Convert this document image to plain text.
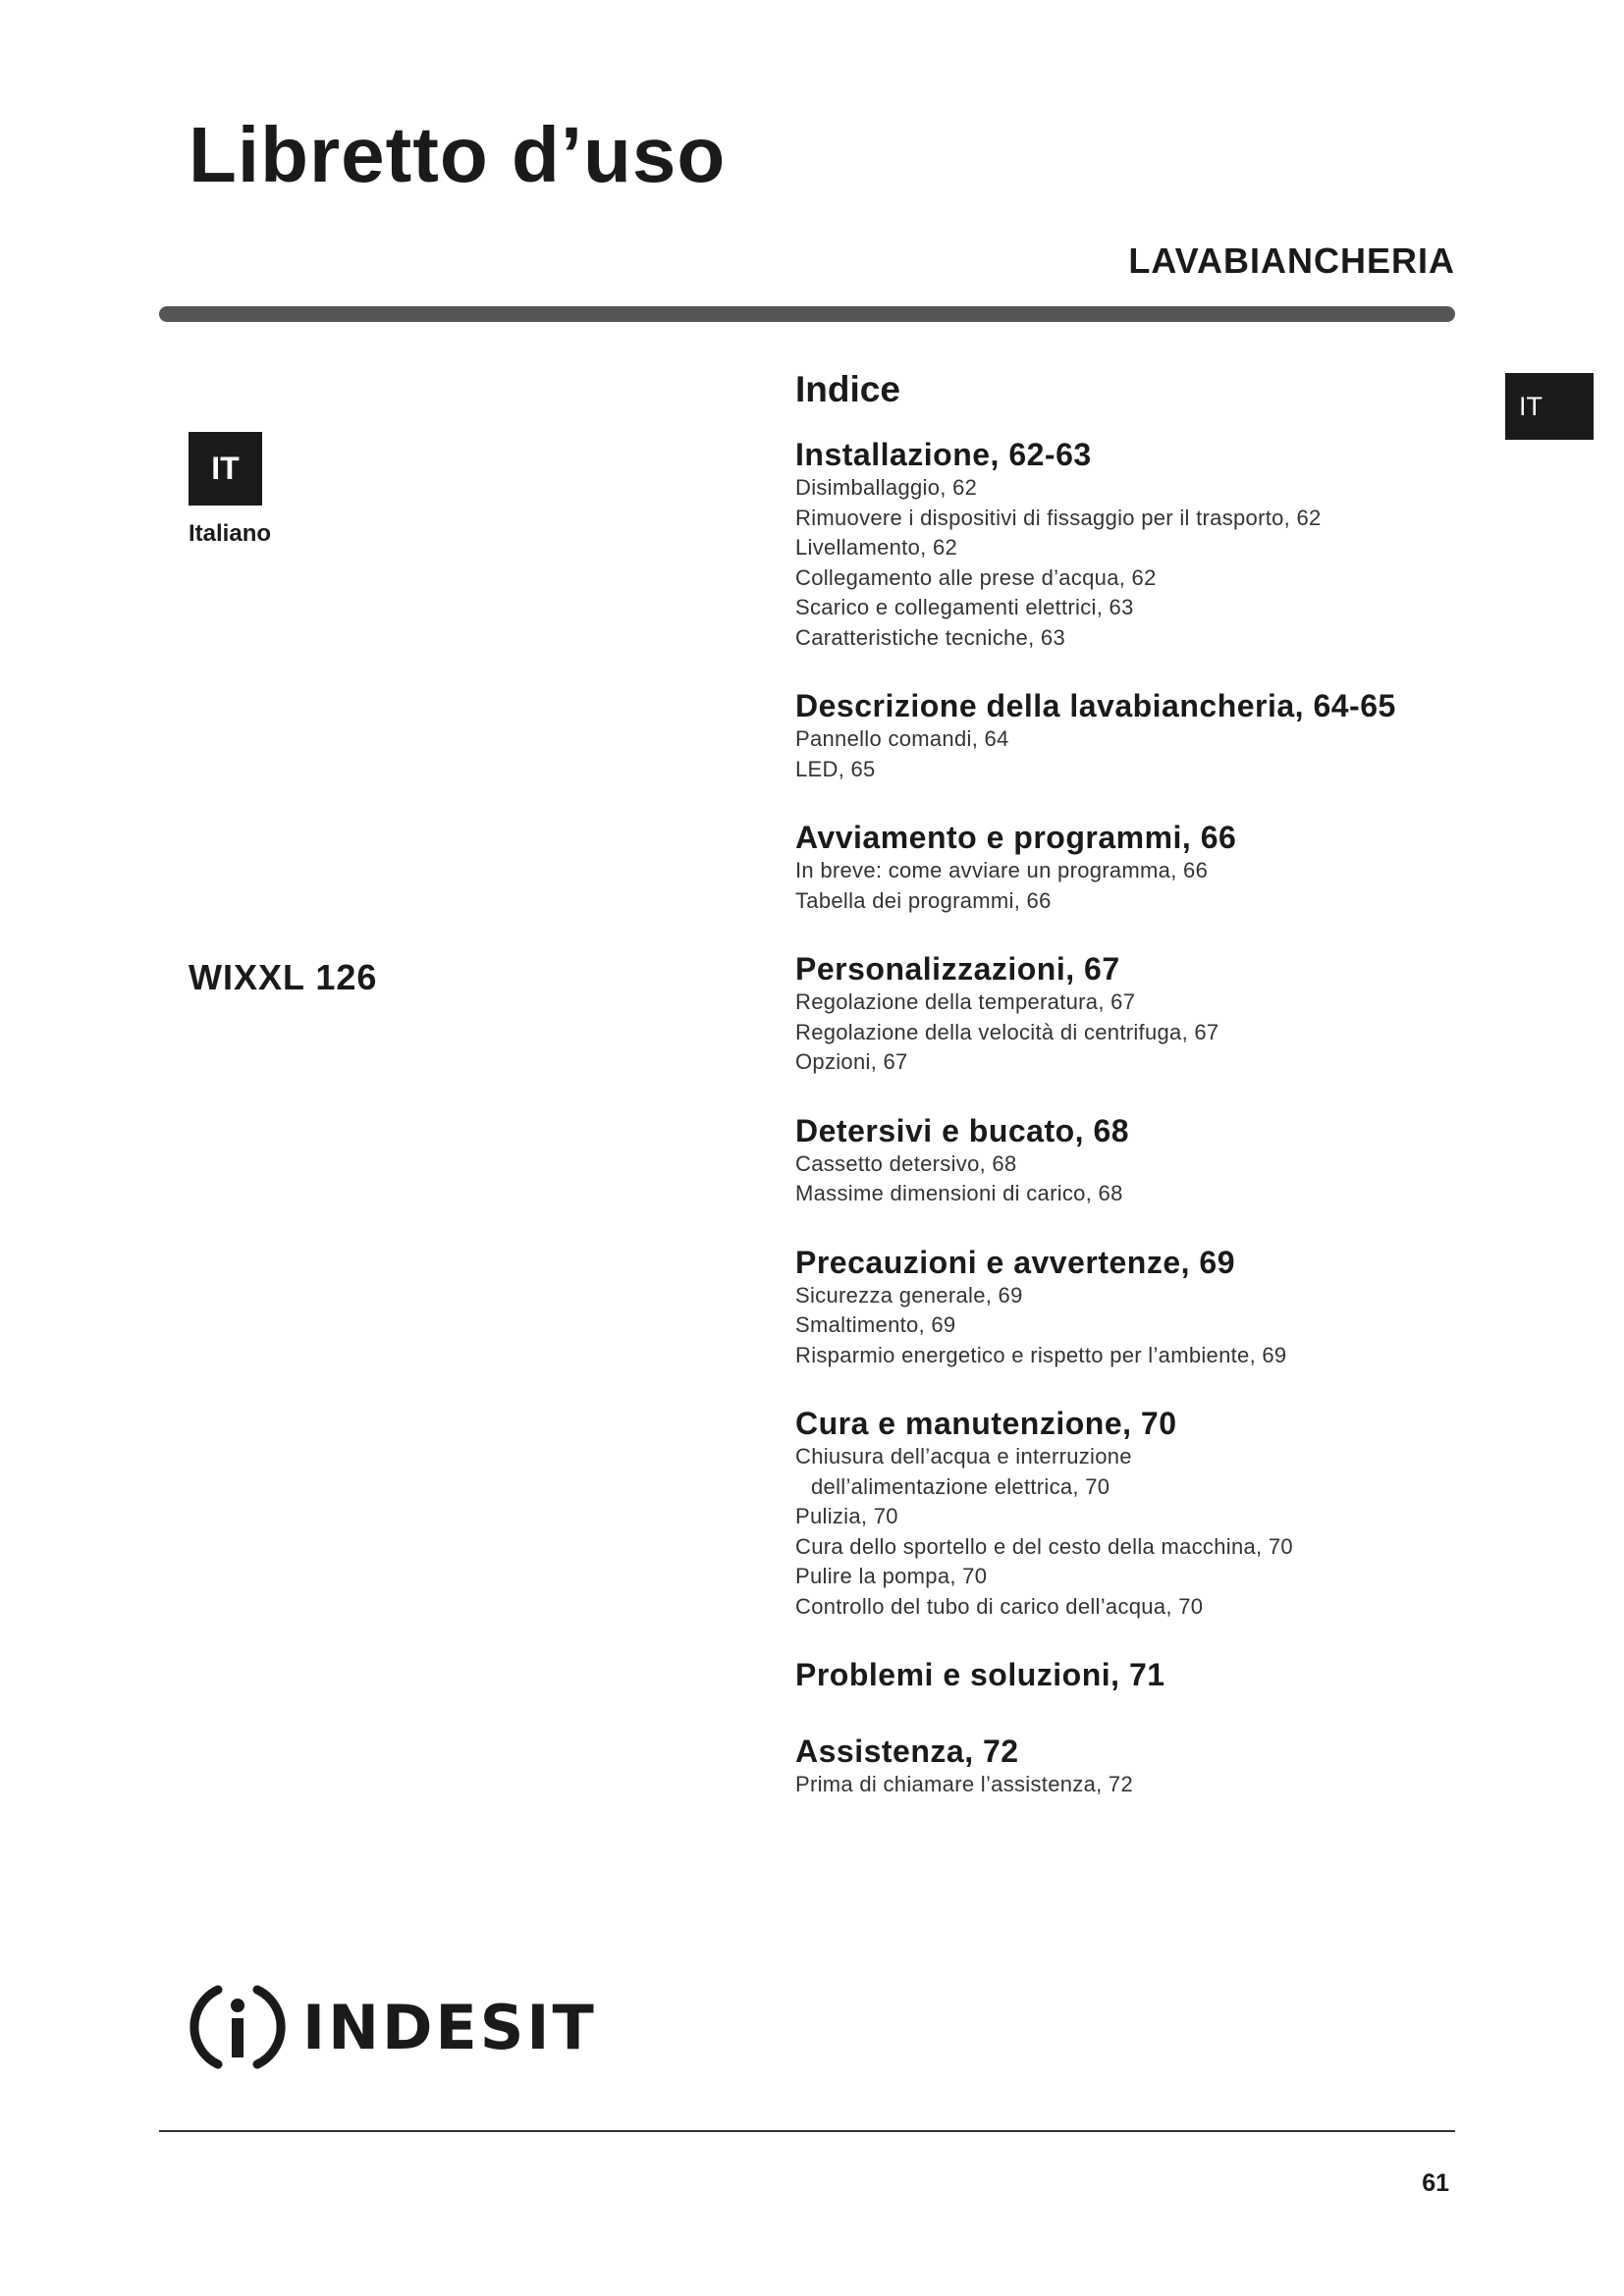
Libretto d’uso
LAVABIANCHERIA
IT
Italiano
WIXXL 126
IT
Indice

Installazione, 62-63

Disimballaggio, 62

Rimuovere i dispositivi di fissaggio per il trasporto, 62

Livellamento, 62

Collegamento alle prese d’acqua, 62

Scarico e collegamenti elettrici, 63

Caratteristiche tecniche, 63

Descrizione della lavabiancheria, 64-65

Pannello comandi, 64

LED, 65

Avviamento e programmi, 66

In breve: come avviare un programma, 66

Tabella dei programmi, 66

Personalizzazioni, 67

Regolazione della temperatura, 67

Regolazione della velocità di centrifuga, 67

Opzioni, 67

Detersivi e bucato, 68

Cassetto detersivo, 68

Massime dimensioni di carico, 68

Precauzioni e avvertenze, 69

Sicurezza generale, 69

Smaltimento, 69

Risparmio energetico e rispetto per l’ambiente, 69

Cura e manutenzione, 70

Chiusura dell’acqua e interruzione

dell’alimentazione elettrica, 70

Pulizia, 70

Cura dello sportello e del cesto della macchina, 70

Pulire la pompa, 70

Controllo del tubo di carico dell’acqua, 70

Problemi e soluzioni, 71

Assistenza, 72

Prima di chiamare l’assistenza, 72

INDESIT
61
